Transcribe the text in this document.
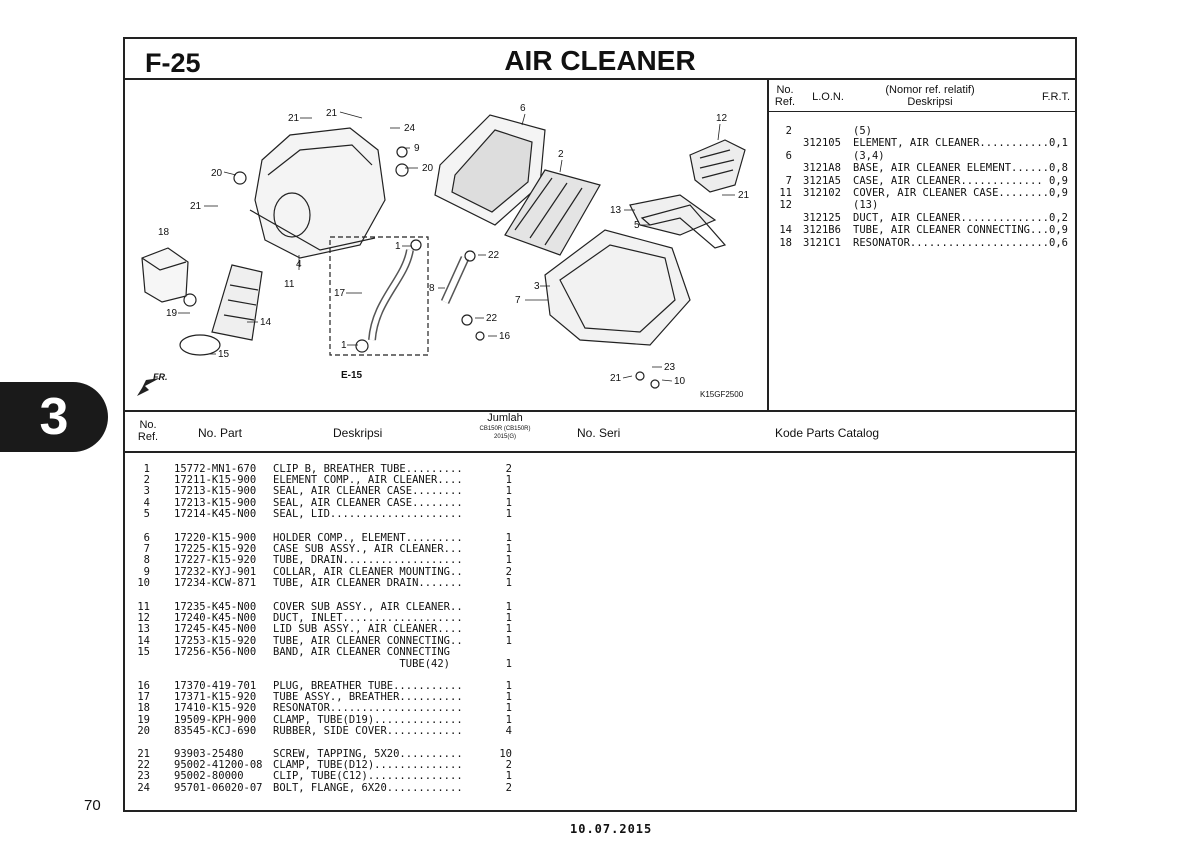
3
70
10.07.2015
F-25	AIR CLEANER
21	21
24
9
20
20
21
18
6
2
12
21
13
5
1
4
11
22
8	3
7
22
16
1
17
19
14
15
23
21	10
FR.	E-15
K15GF2500
No.
Ref.	L.O.N.
(Nomor ref. relatif)
Deskripsi	F.R.T.
2	(5)
312105 ELEMENT, AIR CLEANER........... 0,1
6	(3,4)
3121A8 BASE, AIR CLEANER ELEMENT...... 0,8
7 3121A5 CASE, AIR CLEANER............. 0,9
11 312102 COVER, AIR CLEANER CASE........ 0,9
12	(13)
312125 DUCT, AIR CLEANER.............. 0,2
14 3121B6 TUBE, AIR CLEANER CONNECTING... 0,9
18 3121C1 RESONATOR...................... 0,6
No.
Ref.	No. Part	Deskripsi
Jumlah
CB150R (CB150R)
2015(G)	No. Seri	Kode Parts Catalog
1 15772-MN1-670 CLIP B, BREATHER TUBE.........	2
2 17211-K15-900 ELEMENT COMP., AIR CLEANER....	1
3 17213-K15-900 SEAL, AIR CLEANER CASE........	1
4 17213-K15-900 SEAL, AIR CLEANER CASE........	1
5 17214-K45-N00 SEAL, LID.....................	1
6 17220-K15-900 HOLDER COMP., ELEMENT.........	1
7 17225-K15-920 CASE SUB ASSY., AIR CLEANER...	1
8 17227-K15-920 TUBE, DRAIN...................	1
9 17232-KYJ-901 COLLAR, AIR CLEANER MOUNTING..	2
10 17234-KCW-871 TUBE, AIR CLEANER DRAIN.......	1
11 17235-K45-N00 COVER SUB ASSY., AIR CLEANER..	1
12 17240-K45-N00 DUCT, INLET...................	1
13 17245-K45-N00 LID SUB ASSY., AIR CLEANER....	1
14 17253-K15-920 TUBE, AIR CLEANER CONNECTING..	1
15 17256-K56-N00 BAND, AIR CLEANER CONNECTING
TUBE(42)	
1
16 17370-419-701 PLUG, BREATHER TUBE...........	1
17 17371-K15-920 TUBE ASSY., BREATHER..........	1
18 17410-K15-920 RESONATOR.....................	1
19 19509-KPH-900 CLAMP, TUBE(D19)..............	1
20 83545-KCJ-690 RUBBER, SIDE COVER............	4
21 93903-25480	SCREW, TAPPING, 5X20..........	10
22 95002-41200-08 CLAMP, TUBE(D12)..............	2
23 95002-80000	CLIP, TUBE(C12)...............	1
24 95701-06020-07 BOLT, FLANGE, 6X20............	2
